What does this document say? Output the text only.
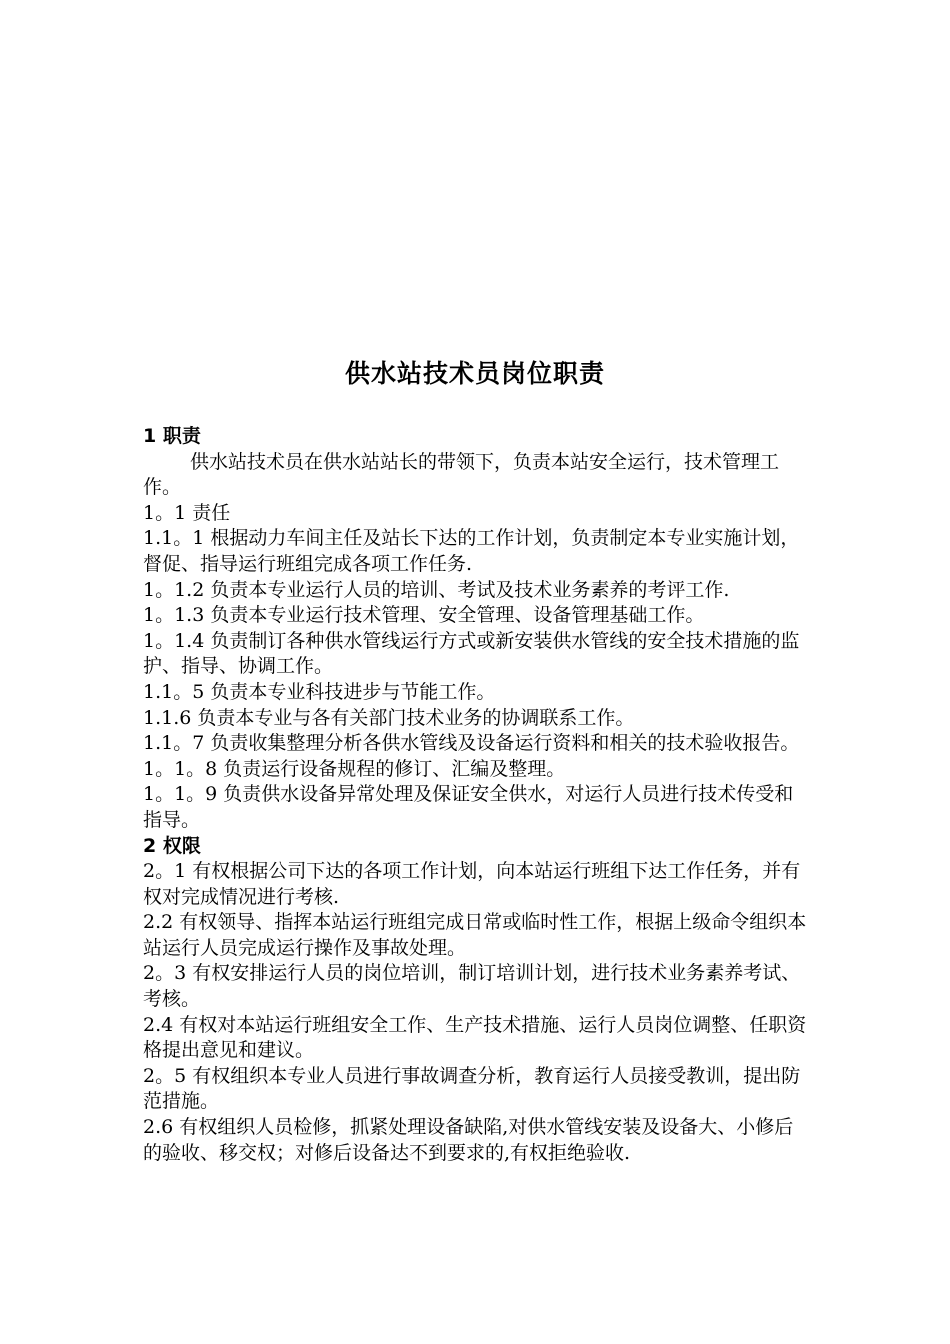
供水站技术员岗位职责

1 职责

供水站技术员在供水站站长的带领下，负责本站安全运行，技术管理工作。

1。1 责任

1.1。1 根据动力车间主任及站长下达的工作计划，负责制定本专业实施计划，督促、指导运行班组完成各项工作任务.

1。1.2 负责本专业运行人员的培训、考试及技术业务素养的考评工作.

1。1.3 负责本专业运行技术管理、安全管理、设备管理基础工作。

1。1.4 负责制订各种供水管线运行方式或新安装供水管线的安全技术措施的监护、指导、协调工作。

1.1。5 负责本专业科技进步与节能工作。

1.1.6 负责本专业与各有关部门技术业务的协调联系工作。

1.1。7 负责收集整理分析各供水管线及设备运行资料和相关的技术验收报告。

1。1。8 负责运行设备规程的修订、汇编及整理。

1。1。9 负责供水设备异常处理及保证安全供水，对运行人员进行技术传受和指导。

2 权限

2。1 有权根据公司下达的各项工作计划，向本站运行班组下达工作任务，并有权对完成情况进行考核.

2.2 有权领导、指挥本站运行班组完成日常或临时性工作，根据上级命令组织本站运行人员完成运行操作及事故处理。

2。3 有权安排运行人员的岗位培训，制订培训计划，进行技术业务素养考试、考核。

2.4 有权对本站运行班组安全工作、生产技术措施、运行人员岗位调整、任职资格提出意见和建议。

2。5 有权组织本专业人员进行事故调查分析，教育运行人员接受教训，提出防范措施。

2.6 有权组织人员检修，抓紧处理设备缺陷,对供水管线安装及设备大、小修后的验收、移交权；对修后设备达不到要求的,有权拒绝验收.
